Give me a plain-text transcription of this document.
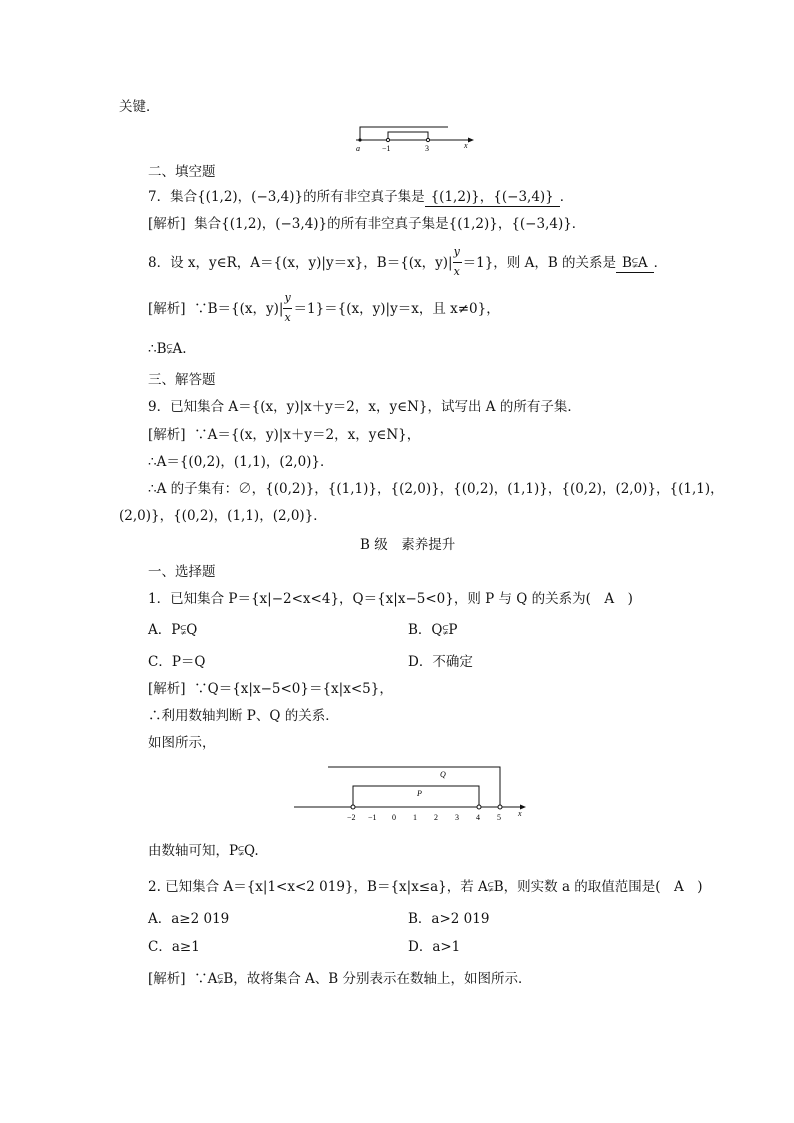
关键．
a	−1	3	x
二、填空题
7．集合{(1,2)，(−3,4)}的所有非空真子集是 {(1,2)}，{(−3,4)} ．
[解析] 集合{(1,2)，(−3,4)}的所有非空真子集是{(1,2)}，{(−3,4)}．
8．设 x，y∈R，A＝{(x，y)|y＝x}，B＝{(x，$y)| \frac{y}{x} =1$}，则 A，B 的关系是 B⫋A ．
[解析] ∵B＝{(x，$y)| \frac{y}{x} =1\}=\{(x$，y)|y＝x，且 x≠0}，
∴B⫋A.
三、解答题
9．已知集合 A＝{(x，y)|x＋y＝2，x，y∈N}，试写出 A 的所有子集．
[解析] ∵A＝{(x，y)|x＋y＝2，x，y∈N}，
∴A＝{(0,2)，(1,1)，(2,0)}．
∴A 的子集有：∅，{(0,2)}，{(1,1)}，{(2,0)}，{(0,2)，(1,1)}，{(0,2)，(2,0)}，{(1,1)，
(2,0)}，{(0,2)，(1,1)，(2,0)}．
B 级　素养提升
一、选择题
1．已知集合 P＝{x|−2<x<4}，Q＝{x|x−5<0}，则 P 与 Q 的关系为(　A　)
A．P⫋Q	B．Q⫋P
C．P＝Q	D．不确定
[解析] ∵Q＝{x|x−5<0}＝{x|x<5}，
∴利用数轴判断 P、Q 的关系．
如图所示，
Q
P
−2 −1 0 1 2 3 4 5 x
由数轴可知，P⫋Q.
2. 已知集合 A＝{x|1<x<2 019}，B＝{x|x≤a}，若 A⫋B，则实数 a 的取值范围是(　A　)
A．a≥2 019	B．a>2 019
C．a≥1	D．a>1
[解析] ∵A⫋B，故将集合 A、B 分别表示在数轴上，如图所示．
